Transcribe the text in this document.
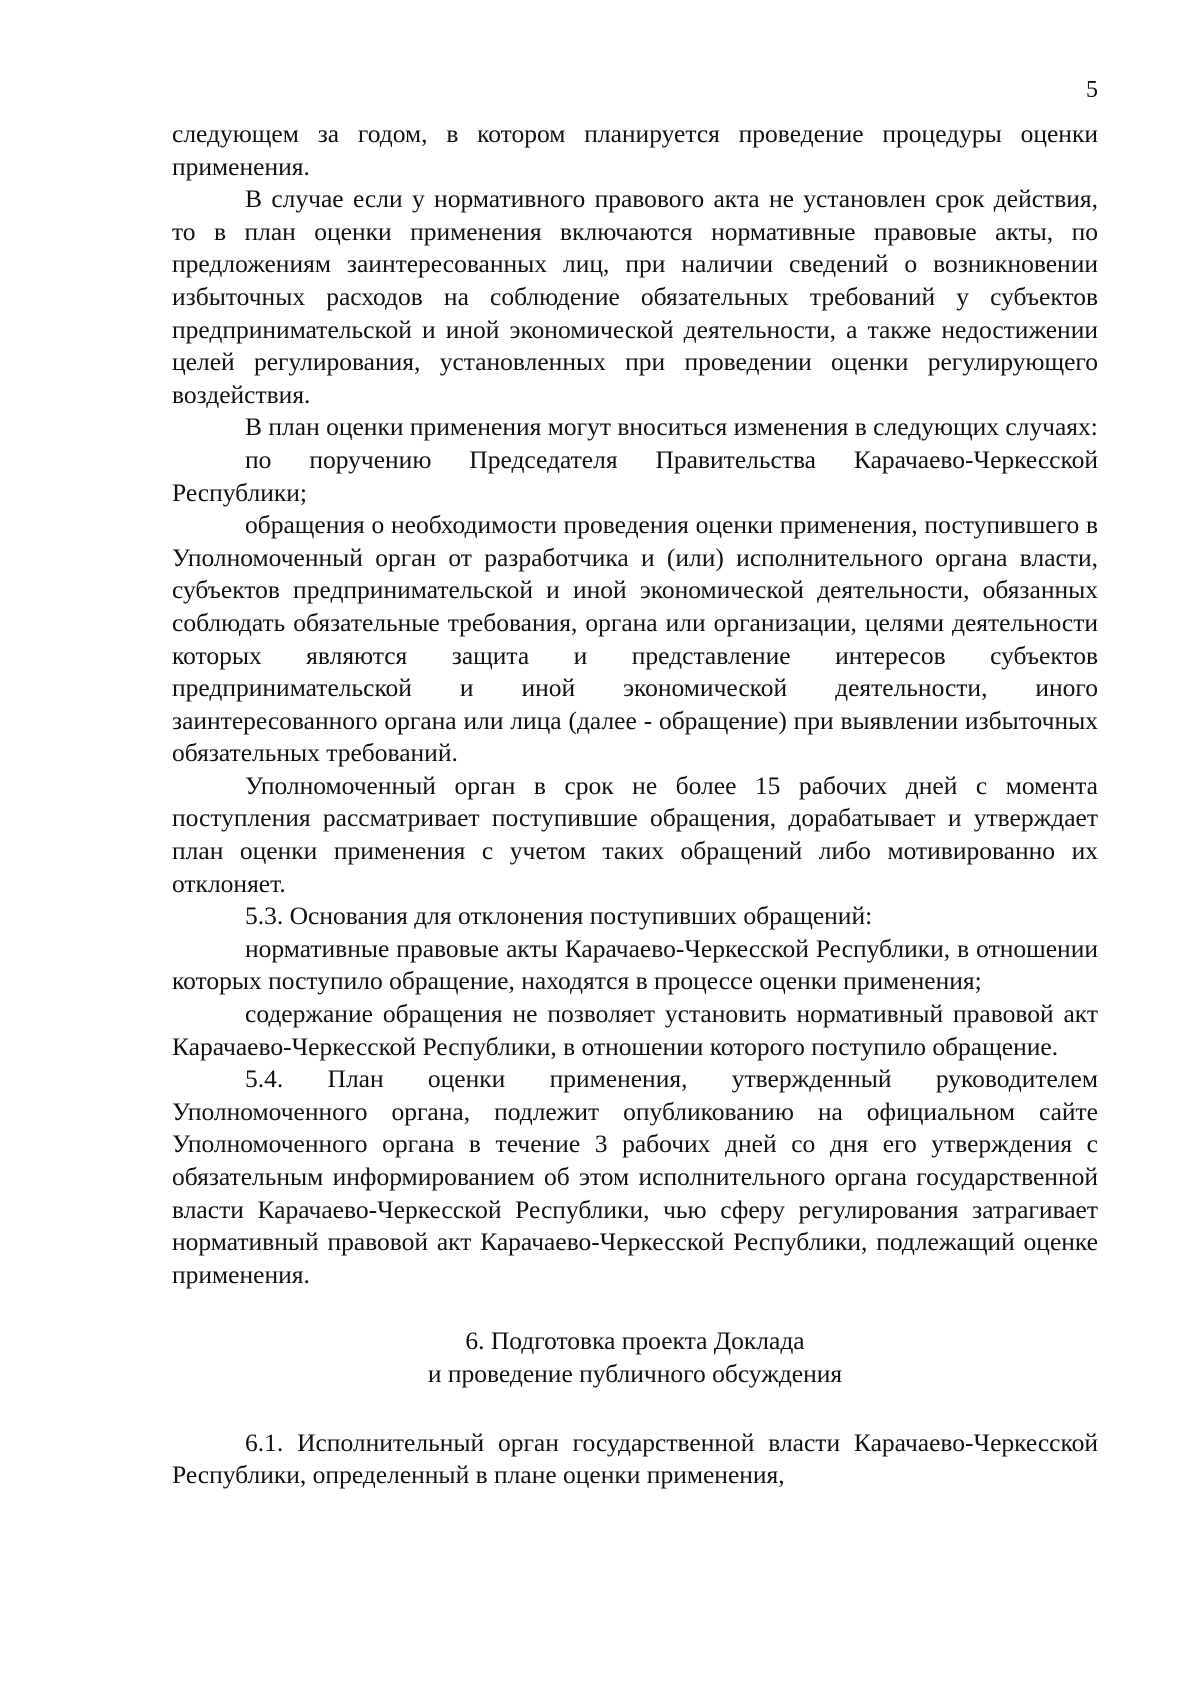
5

следующем за годом, в котором планируется проведение процедуры оценки применения.

В случае если у нормативного правового акта не установлен срок действия, то в план оценки применения включаются нормативные правовые акты, по предложениям заинтересованных лиц, при наличии сведений о возникновении избыточных расходов на соблюдение обязательных требований у субъектов предпринимательской и иной экономической деятельности, а также недостижении целей регулирования, установленных при проведении оценки регулирующего воздействия.

В план оценки применения могут вноситься изменения в следующих случаях:

по поручению Председателя Правительства Карачаево-Черкесской Республики;

обращения о необходимости проведения оценки применения, поступившего в Уполномоченный орган от разработчика и (или) исполнительного органа власти, субъектов предпринимательской и иной экономической деятельности, обязанных соблюдать обязательные требования, органа или организации, целями деятельности которых являются защита и представление интересов субъектов предпринимательской и иной экономической деятельности, иного заинтересованного органа или лица (далее - обращение) при выявлении избыточных обязательных требований.

Уполномоченный орган в срок не более 15 рабочих дней с момента поступления рассматривает поступившие обращения, дорабатывает и утверждает план оценки применения с учетом таких обращений либо мотивированно их отклоняет.

5.3. Основания для отклонения поступивших обращений:

нормативные правовые акты Карачаево-Черкесской Республики, в отношении которых поступило обращение, находятся в процессе оценки применения;

содержание обращения не позволяет установить нормативный правовой акт Карачаево-Черкесской Республики, в отношении которого поступило обращение.

5.4. План оценки применения, утвержденный руководителем Уполномоченного органа, подлежит опубликованию на официальном сайте Уполномоченного органа в течение 3 рабочих дней со дня его утверждения с обязательным информированием об этом исполнительного органа государственной власти Карачаево-Черкесской Республики, чью сферу регулирования затрагивает нормативный правовой акт Карачаево-Черкесской Республики, подлежащий оценке применения.

6. Подготовка проекта Доклада

и проведение публичного обсуждения

6.1. Исполнительный орган государственной власти Карачаево-Черкесской Республики, определенный в плане оценки применения,
